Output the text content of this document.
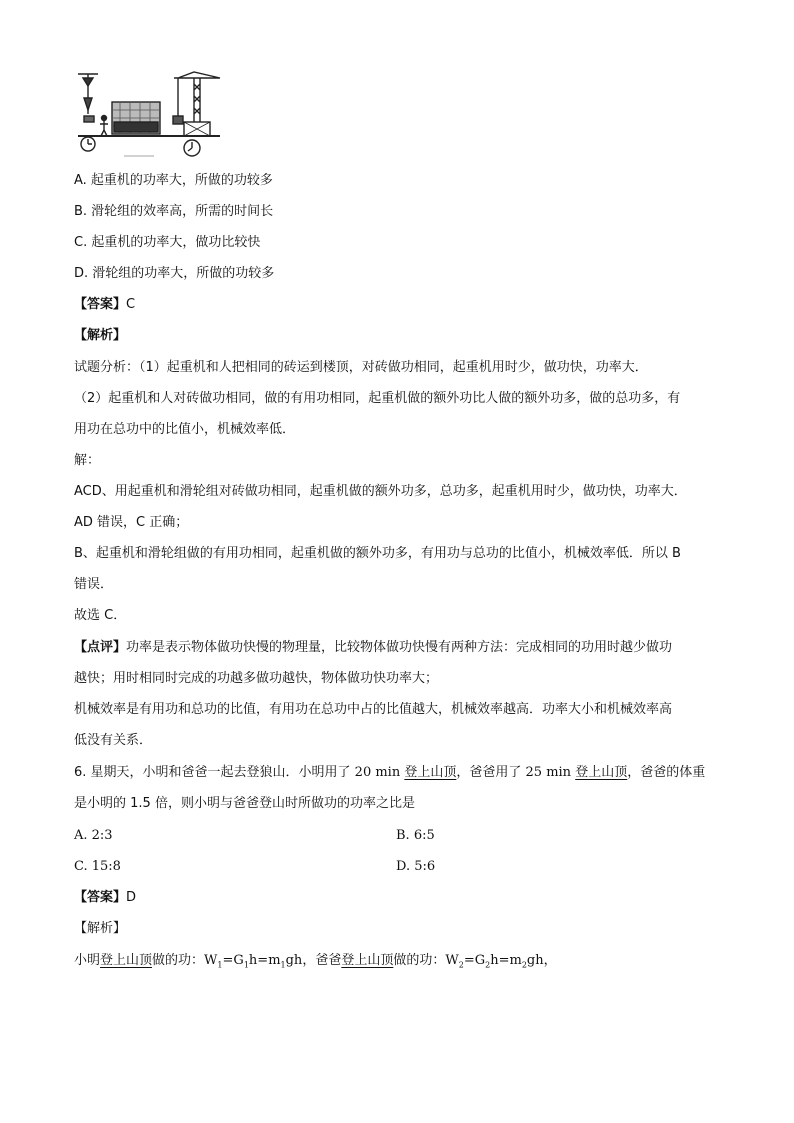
A. 起重机的功率大，所做的功较多
B. 滑轮组的效率高，所需的时间长
C. 起重机的功率大，做功比较快
D. 滑轮组的功率大，所做的功较多
【答案】C
【解析】
试题分析：（1）起重机和人把相同的砖运到楼顶，对砖做功相同，起重机用时少，做功快，功率大．
（2）起重机和人对砖做功相同，做的有用功相同，起重机做的额外功比人做的额外功多，做的总功多，有
用功在总功中的比值小，机械效率低．
解：
ACD、用起重机和滑轮组对砖做功相同，起重机做的额外功多，总功多，起重机用时少，做功快，功率大．
AD 错误，C 正确；
B、起重机和滑轮组做的有用功相同，起重机做的额外功多，有用功与总功的比值小，机械效率低．所以 B
错误．
故选 C．
【点评】功率是表示物体做功快慢的物理量，比较物体做功快慢有两种方法：完成相同的功用时越少做功
越快；用时相同时完成的功越多做功越快，物体做功快功率大；
机械效率是有用功和总功的比值，有用功在总功中占的比值越大，机械效率越高．功率大小和机械效率高
低没有关系．
6. 星期天，小明和爸爸一起去登狼山．小明用了 20 min 登上山顶，爸爸用了 25 min 登上山顶，爸爸的体重
是小明的 1.5 倍，则小明与爸爸登山时所做功的功率之比是
A. 2:3	B. 6:5
C. 15:8	D. 5:6
【答案】D
【解析】
小明登上山顶做的功：$W_1=G_1h=m_1gh$，爸爸登上山顶做的功：$W_2=G_2h=m_2gh$，
